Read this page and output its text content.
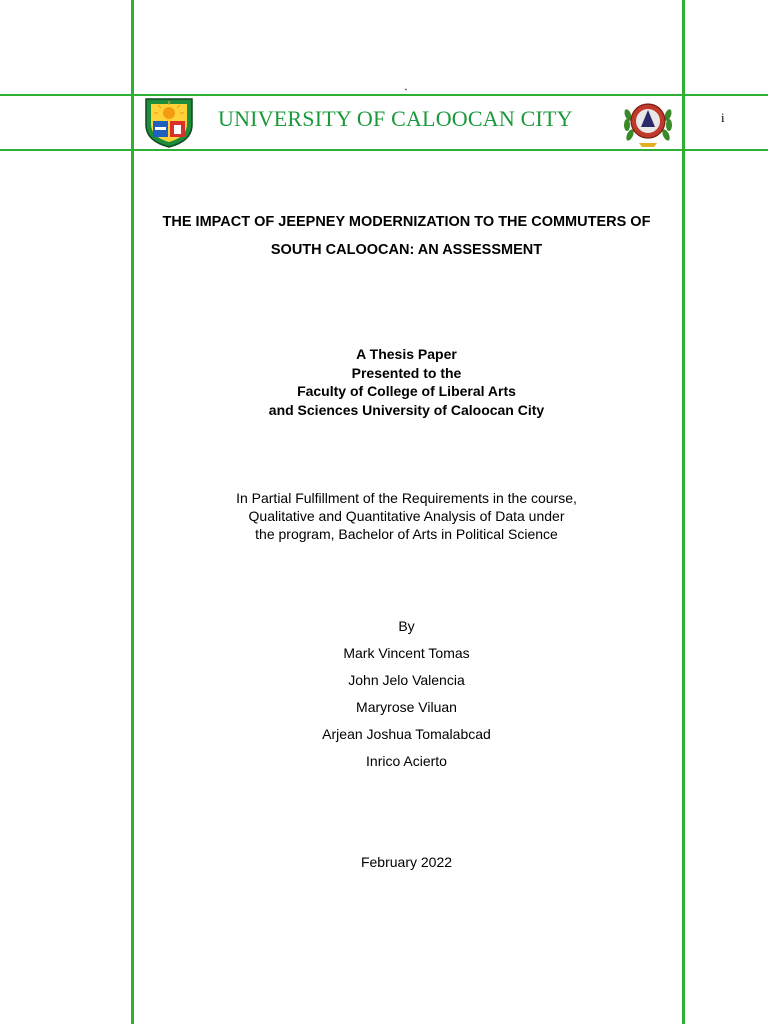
`
UNIVERSITY OF CALOOCAN CITY	i
THE IMPACT OF JEEPNEY MODERNIZATION TO THE COMMUTERS OF
SOUTH CALOOCAN: AN ASSESSMENT
A Thesis Paper
Presented to the
Faculty of College of Liberal Arts
and Sciences University of Caloocan City
In Partial Fulfillment of the Requirements in the course,
Qualitative and Quantitative Analysis of Data under
the program, Bachelor of Arts in Political Science
By
Mark Vincent Tomas
John Jelo Valencia
Maryrose Viluan
Arjean Joshua Tomalabcad
Inrico Acierto
February 2022
